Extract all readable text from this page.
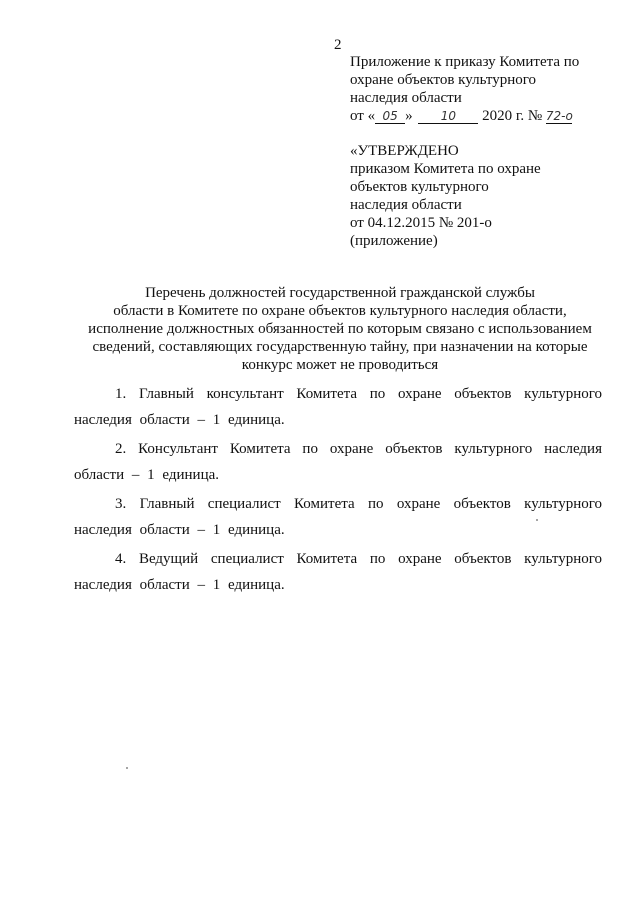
2
Приложение к приказу Комитета по
охране объектов культурного
наследия области
от « 05 » 10 2020 г. № 72-о
«УТВЕРЖДЕНО
приказом Комитета по охране
объектов культурного
наследия области
от 04.12.2015 № 201-о
(приложение)
Перечень должностей государственной гражданской службы
области в Комитете по охране объектов культурного наследия области,
исполнение должностных обязанностей по которым связано с использованием
сведений, составляющих государственную тайну, при назначении на которые
конкурс может не проводиться

1. Главный консультант Комитета по охране объектов культурного наследия области – 1 единица.

2. Консультант Комитета по охране объектов культурного наследия области – 1 единица.

3. Главный специалист Комитета по охране объектов культурного наследия области – 1 единица.

4. Ведущий специалист Комитета по охране объектов культурного наследия области – 1 единица.
